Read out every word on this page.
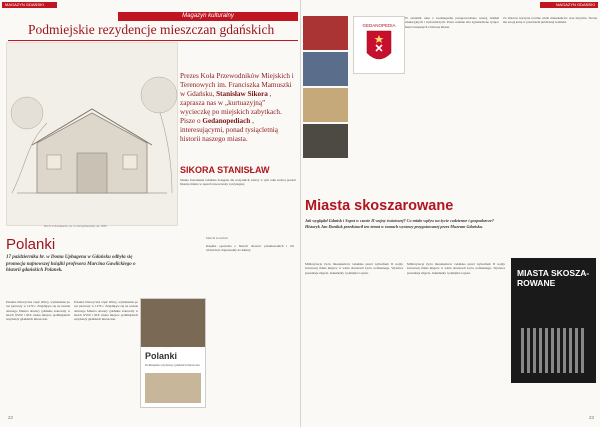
MAGAZYN GDAŃSKI
Magazyn kulturalny
Podmiejskie rezydencje mieszczan gdańskich
Dwór w Polankach, rys. G. Krzyżanowski, ok. 1830
Prezes Koła Przewodników Miejskich i Terenowych im. Franciszka Mamuszki w Gdańsku, Stanisław Sikora , zaprasza nas w „kurtuazyjną” wycieczkę po miejskich zabytkach. Pisze o Gedanopediach , interesującymi, ponad tysiącletnią historii naszego miasta.
SIKORA STANISŁAW
Sztuka zwiedzania Gdańska dostępna dla wszystkich, którzy w tym roku zechcą poznać historię miasta w sposób nowoczesny i przystępny.
Polanki
17 października br. w Domu Uphagena w Gdańsku odbyła się promocja najnowszej książki profesora Marcina Gawlickiego o historii gdańskich Polanek.
Polanki, historyczna część Oliwy, wymieniana po raz pierwszy w 1279 r. Znajdujące się na terenie dawnego Miastra obszary gdańskie stanowiły w latach XVIII i XIX wieku miejsce podmiejskich rezydencji gdańskich mieszczan.
Polanki, historyczna część Oliwy, wymieniana po raz pierwszy w 1279 r. Znajdujące się na terenie dawnego Miastra obszary gdańskie stanowiły w latach XVIII i XIX wieku miejsce podmiejskich rezydencji gdańskich mieszczan.
Marcin Gawlicki
Książka opowiada o historii dworów polankowskich i ich właścicieli. Zapraszamy do lektury.
Polanki
prof. Marcin Gawlicki
Podmiejskie rezydencje gdańskich mieszczan
22
MAGAZYN GDAŃSKI
GEDANOPEDIA
W ostatnim roku z Gedanopedią przeprowadzono szereg działań edukacyjnych i wydawniczych. Przez ostatnie lata zgromadzono tysiące haseł związanych z historią miasta.
Ze zbiorów korzysta rocznie wielu mieszkańców oraz turystów. Strona ma swoją kartę w przestrzeni publicznej Gdańska.
Miasta skoszarowane
Jak wyglądał Gdańsk i Sopot w czasie II wojny światowej? Co miało wpływ na życie codzienne i gospodarcze? Historyk Jan Daniluk przedstawił ten temat w ramach wystawy przygotowanej przez Muzeum Gdańska.
Militaryzacja życia mieszkańców Gdańska przed wybuchem II wojny światowej miała miejsce w wielu obszarach życia codziennego. Wystawa prezentuje zdjęcia, dokumenty i pamiątki z epoki.
Militaryzacja życia mieszkańców Gdańska przed wybuchem II wojny światowej miała miejsce w wielu obszarach życia codziennego. Wystawa prezentuje zdjęcia, dokumenty i pamiątki z epoki.	MIASTA SKOSZA-ROWANE
23
